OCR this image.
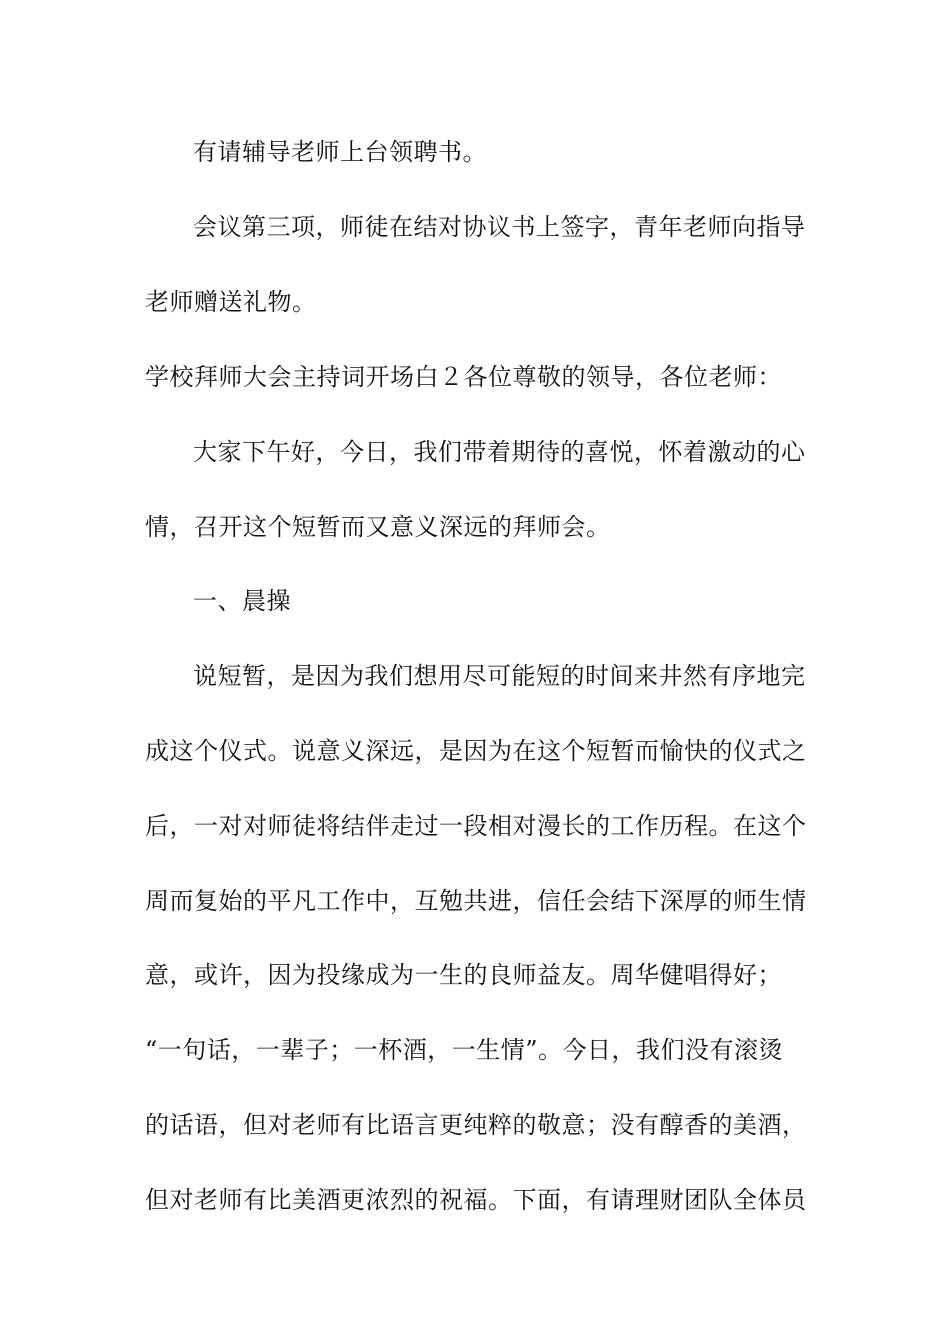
有请辅导老师上台领聘书。
会议第三项，师徒在结对协议书上签字，青年老师向指导
老师赠送礼物。
学校拜师大会主持词开场白２各位尊敬的领导，各位老师：
大家下午好，今日，我们带着期待的喜悦，怀着激动的心
情，召开这个短暂而又意义深远的拜师会。
一、晨操
说短暂，是因为我们想用尽可能短的时间来井然有序地完
成这个仪式。说意义深远，是因为在这个短暂而愉快的仪式之
后，一对对师徒将结伴走过一段相对漫长的工作历程。在这个
周而复始的平凡工作中，互勉共进，信任会结下深厚的师生情
意，或许，因为投缘成为一生的良师益友。周华健唱得好；
“一句话，一辈子；一杯酒，一生情”。今日，我们没有滚烫
的话语，但对老师有比语言更纯粹的敬意；没有醇香的美酒，
但对老师有比美酒更浓烈的祝福。下面，有请理财团队全体员
